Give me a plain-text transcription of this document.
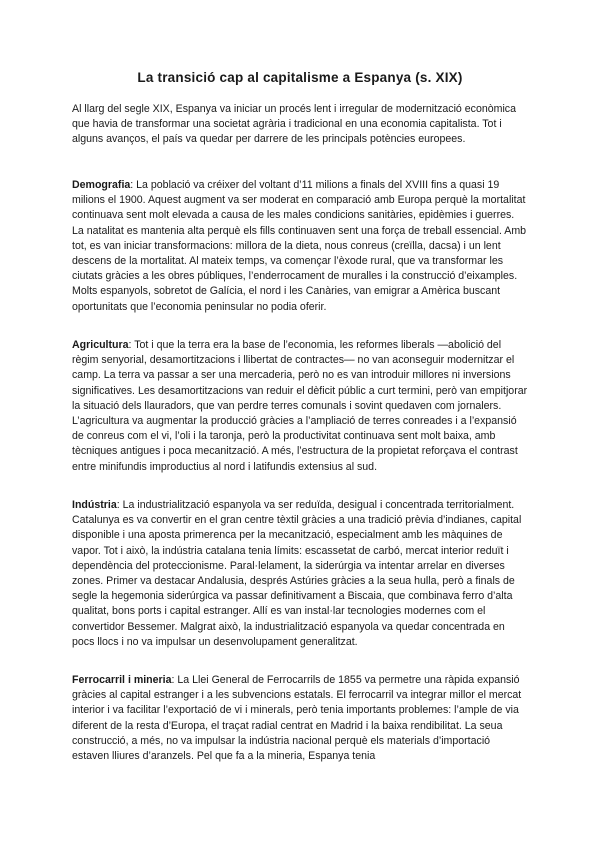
La transició cap al capitalisme a Espanya (s. XIX)

Al llarg del segle XIX, Espanya va iniciar un procés lent i irregular de modernització econòmica que havia de transformar una societat agrària i tradicional en una economia capitalista. Tot i alguns avanços, el país va quedar per darrere de les principals potències europees.

Demografia: La població va créixer del voltant d’11 milions a finals del XVIII fins a quasi 19 milions el 1900. Aquest augment va ser moderat en comparació amb Europa perquè la mortalitat continuava sent molt elevada a causa de les males condicions sanitàries, epidèmies i guerres. La natalitat es mantenia alta perquè els fills continuaven sent una força de treball essencial. Amb tot, es van iniciar transformacions: millora de la dieta, nous conreus (creïlla, dacsa) i un lent descens de la mortalitat. Al mateix temps, va començar l’èxode rural, que va transformar les ciutats gràcies a les obres públiques, l’enderrocament de muralles i la construcció d’eixamples. Molts espanyols, sobretot de Galícia, el nord i les Canàries, van emigrar a Amèrica buscant oportunitats que l’economia peninsular no podia oferir.

Agricultura: Tot i que la terra era la base de l’economia, les reformes liberals —abolició del règim senyorial, desamortitzacions i llibertat de contractes— no van aconseguir modernitzar el camp. La terra va passar a ser una mercaderia, però no es van introduir millores ni inversions significatives. Les desamortitzacions van reduir el dèficit públic a curt termini, però van empitjorar la situació dels llauradors, que van perdre terres comunals i sovint quedaven com jornalers. L’agricultura va augmentar la producció gràcies a l’ampliació de terres conreades i a l’expansió de conreus com el vi, l’oli i la taronja, però la productivitat continuava sent molt baixa, amb tècniques antigues i poca mecanització. A més, l’estructura de la propietat reforçava el contrast entre minifundis improductius al nord i latifundis extensius al sud.

Indústria: La industrialització espanyola va ser reduïda, desigual i concentrada territorialment. Catalunya es va convertir en el gran centre tèxtil gràcies a una tradició prèvia d’indianes, capital disponible i una aposta primerenca per la mecanització, especialment amb les màquines de vapor. Tot i això, la indústria catalana tenia límits: escassetat de carbó, mercat interior reduït i dependència del proteccionisme. Paral·lelament, la siderúrgia va intentar arrelar en diverses zones. Primer va destacar Andalusia, després Astúries gràcies a la seua hulla, però a finals de segle la hegemonia siderúrgica va passar definitivament a Biscaia, que combinava ferro d’alta qualitat, bons ports i capital estranger. Allí es van instal·lar tecnologies modernes com el convertidor Bessemer. Malgrat això, la industrialització espanyola va quedar concentrada en pocs llocs i no va impulsar un desenvolupament generalitzat.

Ferrocarril i mineria: La Llei General de Ferrocarrils de 1855 va permetre una ràpida expansió gràcies al capital estranger i a les subvencions estatals. El ferrocarril va integrar millor el mercat interior i va facilitar l’exportació de vi i minerals, però tenia importants problemes: l’ample de via diferent de la resta d’Europa, el traçat radial centrat en Madrid i la baixa rendibilitat. La seua construcció, a més, no va impulsar la indústria nacional perquè els materials d’importació estaven lliures d’aranzels. Pel que fa a la mineria, Espanya tenia
